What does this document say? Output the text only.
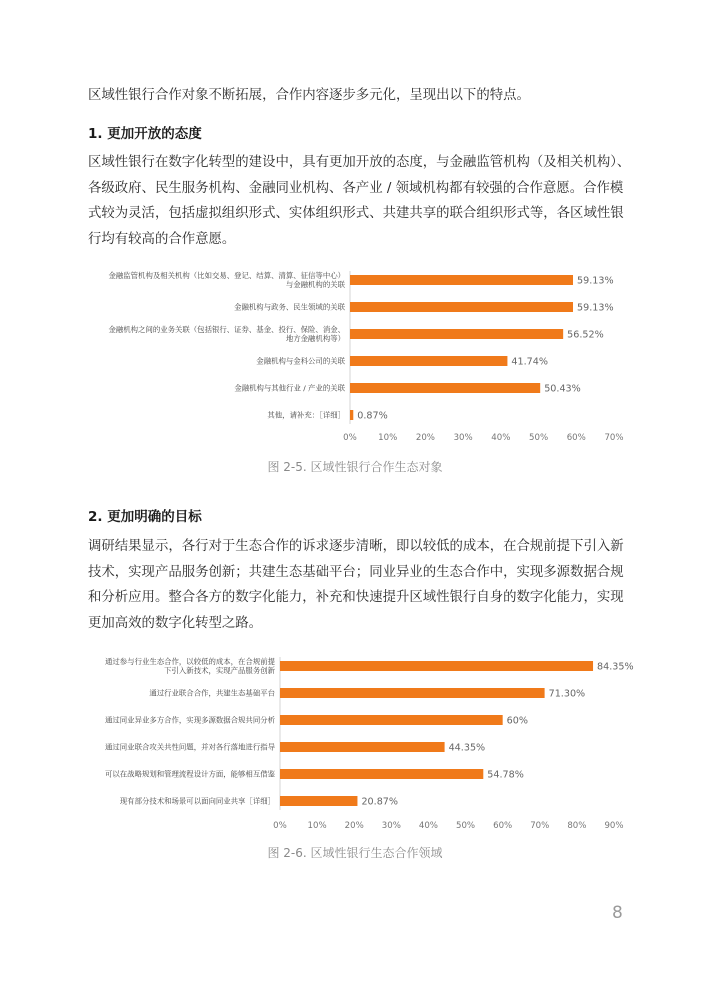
区域性银行合作对象不断拓展，合作内容逐步多元化，呈现出以下的特点。

1. 更加开放的态度

区域性银行在数字化转型的建设中，具有更加开放的态度，与金融监管机构（及相关机构）、各级政府、民生服务机构、金融同业机构、各产业 / 领域机构都有较强的合作意愿。合作模式较为灵活，包括虚拟组织形式、实体组织形式、共建共享的联合组织形式等，各区域性银行均有较高的合作意愿。

59.13%
金融监管机构及相关机构（比如交易、登记、结算、清算、征信等中心）
与金融机构的关联
59.13%
金融机构与政务、民生领域的关联
56.52%
金融机构之间的业务关联（包括银行、证券、基金、投行、保险、消金、
地方金融机构等）
41.74%
金融机构与金科公司的关联
50.43%
金融机构与其他行业 / 产业的关联
0.87%
其他，请补充：［详细］
0% 10% 20% 30% 40% 50% 60% 70%
图 2-5. 区域性银行合作生态对象
2. 更加明确的目标

调研结果显示，各行对于生态合作的诉求逐步清晰，即以较低的成本，在合规前提下引入新技术，实现产品服务创新；共建生态基础平台；同业异业的生态合作中，实现多源数据合规和分析应用。整合各方的数字化能力，补充和快速提升区域性银行自身的数字化能力，实现更加高效的数字化转型之路。

84.35%
通过参与行业生态合作，以较低的成本，在合规前提
下引入新技术，实现产品服务创新
71.30%
通过行业联合合作，共建生态基础平台
60%
通过同业异业多方合作，实现多源数据合规共同分析
44.35%
通过同业联合攻关共性问题，并对各行落地进行指导
54.78%
可以在战略规划和管理流程设计方面，能够相互借鉴
20.87%
现有部分技术和场景可以面向同业共享［详细］
0% 10% 20% 30% 40% 50% 60% 70% 80% 90%
图 2-6. 区域性银行生态合作领域
8
